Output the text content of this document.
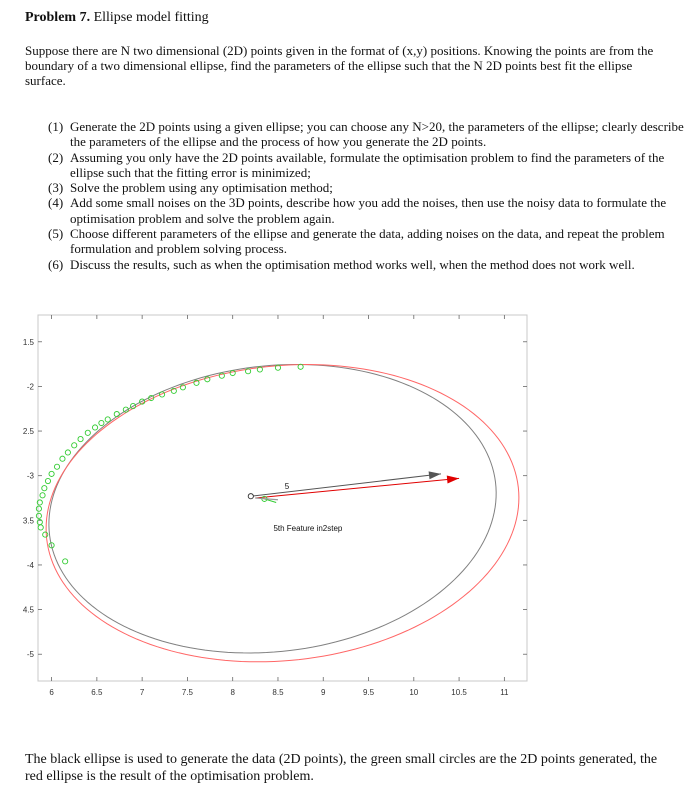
Problem 7. Ellipse model fitting
Suppose there are N two dimensional (2D) points given in the format of (x,y) positions. Knowing the points are from the boundary of a two dimensional ellipse, find the parameters of the ellipse such that the N 2D points best fit the ellipse surface.
(1) Generate the 2D points using a given ellipse; you can choose any N>20, the parameters of the ellipse; clearly describe the parameters of the ellipse and the process of how you generate the 2D points.
(2) Assuming you only have the 2D points available, formulate the optimisation problem to find the parameters of the ellipse such that the fitting error is minimized;
(3) Solve the problem using any optimisation method;
(4) Add some small noises on the 3D points, describe how you add the noises, then use the noisy data to formulate the optimisation problem and solve the problem again.
(5) Choose different parameters of the ellipse and generate the data, adding noises on the data, and repeat the problem formulation and problem solving process.
(6) Discuss the results, such as when the optimisation method works well, when the method does not work well.
6	6.5	7	7.5	8	8.5	9	9.5	10	10.5	11
1.5
-2
2.5
-3
3.5
-4
4.5
-5
5
5th Feature in2step
The black ellipse is used to generate the data (2D points), the green small circles are the 2D points generated, the red ellipse is the result of the optimisation problem.
